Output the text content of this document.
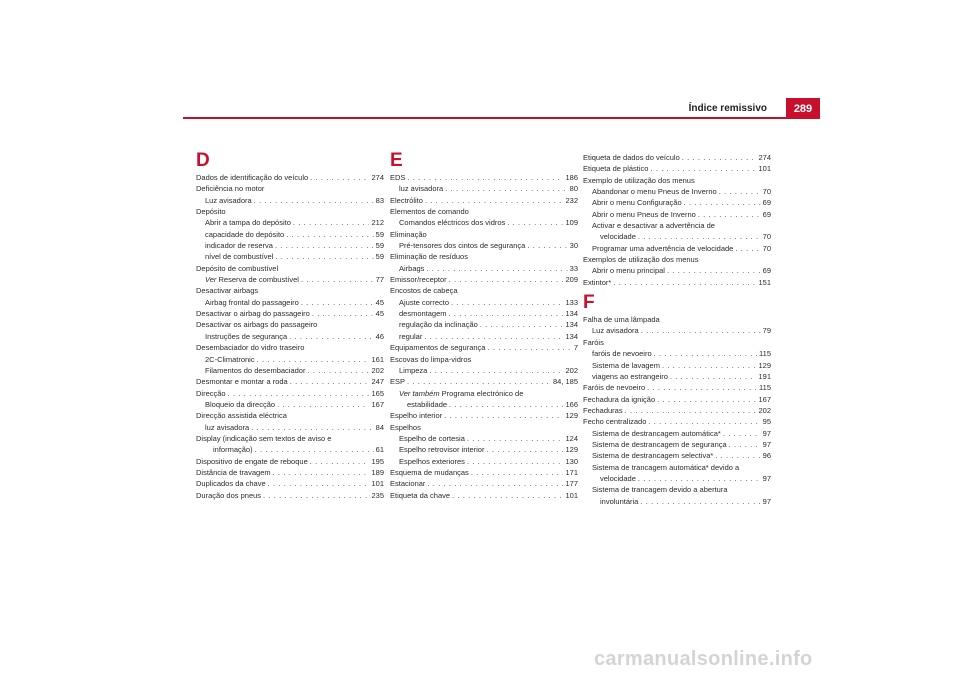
Índice remissivo 289
D
Dados de identificação do veículo . . .	274
Deficiência no motor
Luz avisadora . . .	83
Depósito
Abrir a tampa do depósito . . .	212
capacidade do depósito . . .	59
indicador de reserva . . .	59
nível de combustível . . .	59
Depósito de combustível
Ver Reserva de combustível . . .	77
Desactivar airbags
Airbag frontal do passageiro . . .	45
Desactivar o airbag do passageiro . . .	45
Desactivar os airbags do passageiro
Instruções de segurança . . .	46
Desembaciador do vidro traseiro
2C-Climatronic . . .	161
Filamentos do desembaciador . . .	202
Desmontar e montar a roda . . .	247
Direcção . . .	165
Bloqueio da direcção . . .	167
Direcção assistida eléctrica
luz avisadora . . .	84
Display (indicação sem textos de aviso e
informação) . . .	61
Dispositivo de engate de reboque . . .	195
Distância de travagem . . .	189
Duplicados da chave . . .	101
Duração dos pneus . . .	235
E
EDS . . .	186
luz avisadora . . .	80
Electrólito . . .	232
Elementos de comando
Comandos eléctricos dos vidros . . .	109
Eliminação
Pré-tensores dos cintos de segurança . . .	30
Eliminação de resíduos
Airbags . . .	33
Emissor/receptor . . .	209
Encostos de cabeça
Ajuste correcto . . .	133
desmontagem . . .	134
regulação da inclinação . . .	134
regular . . .	134
Equipamentos de segurança . . .	7
Escovas do limpa-vidros
Limpeza . . .	202
ESP . . .	84, 185
Ver também Programa electrónico de
estabilidade . . .	166
Espelho interior . . .	129
Espelhos
Espelho de cortesia . . .	124
Espelho retrovisor interior . . .	129
Espelhos exteriores . . .	130
Esquema de mudanças . . .	171
Estacionar . . .	177
Etiqueta da chave . . .	101
Etiqueta de dados do veículo . . .	274
Etiqueta de plástico . . .	101
Exemplo de utilização dos menus
Abandonar o menu Pneus de Inverno . . .	70
Abrir o menu Configuração . . .	69
Abrir o menu Pneus de Inverno . . .	69
Activar e desactivar a advertência de
velocidade . . .	70
Programar uma advertência de velocidade . . .	70
Exemplos de utilização dos menus
Abrir o menu principal . . .	69
Extintor* . . .	151
F
Falha de uma lâmpada
Luz avisadora . . .	79
Faróis
faróis de nevoeiro . . .	115
Sistema de lavagem . . .	129
viagens ao estrangeiro . . .	191
Faróis de nevoeiro . . .	115
Fechadura da ignição . . .	167
Fechaduras . . .	202
Fecho centralizado . . .	95
Sistema de destrancagem automática* . . .	97
Sistema de destrancagem de segurança . . .	97
Sistema de destrancagem selectiva* . . .	96
Sistema de trancagem automática* devido a
velocidade . . .	97
Sistema de trancagem devido a abertura
involuntária . . .	97
carmanualsonline.info
